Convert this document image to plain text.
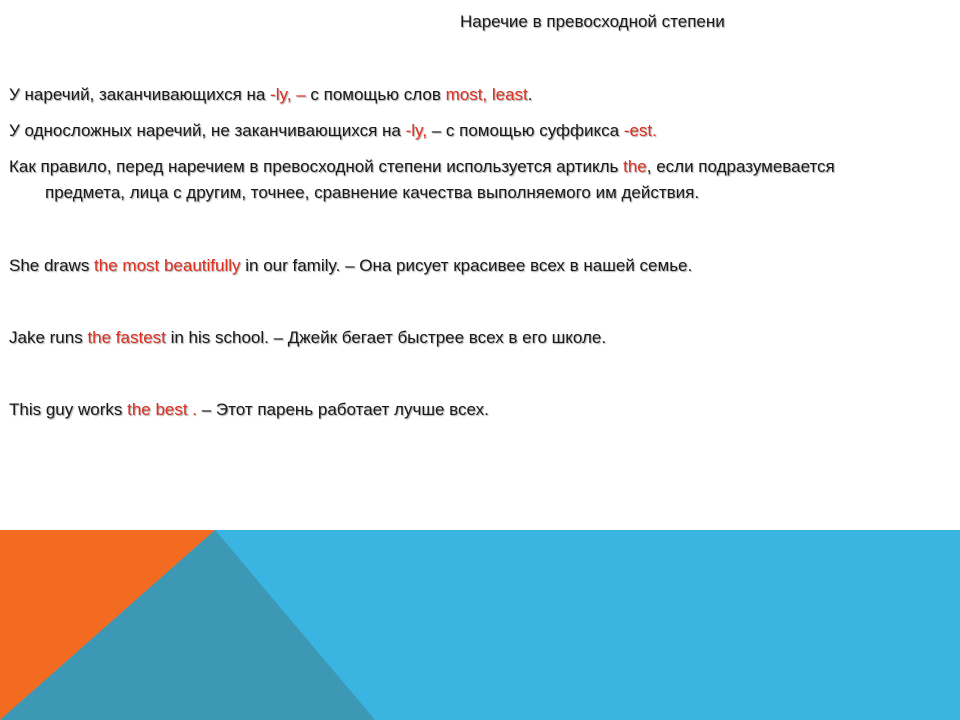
Наречие в превосходной степени
У наречий, заканчивающихся на -ly, – с помощью слов most, least.
У односложных наречий, не заканчивающихся на -ly, – с помощью суффикса -est.
Как правило, перед наречием в превосходной степени используется артикль the, если подразумевается
предмета, лица с другим, точнее, сравнение качества выполняемого им действия.
She draws the most beautifully in our family. – Она рисует красивее всех в нашей семье.
Jake runs the fastest in his school. – Джейк бегает быстрее всех в его школе.
This guy works the best . – Этот парень работает лучше всех.
